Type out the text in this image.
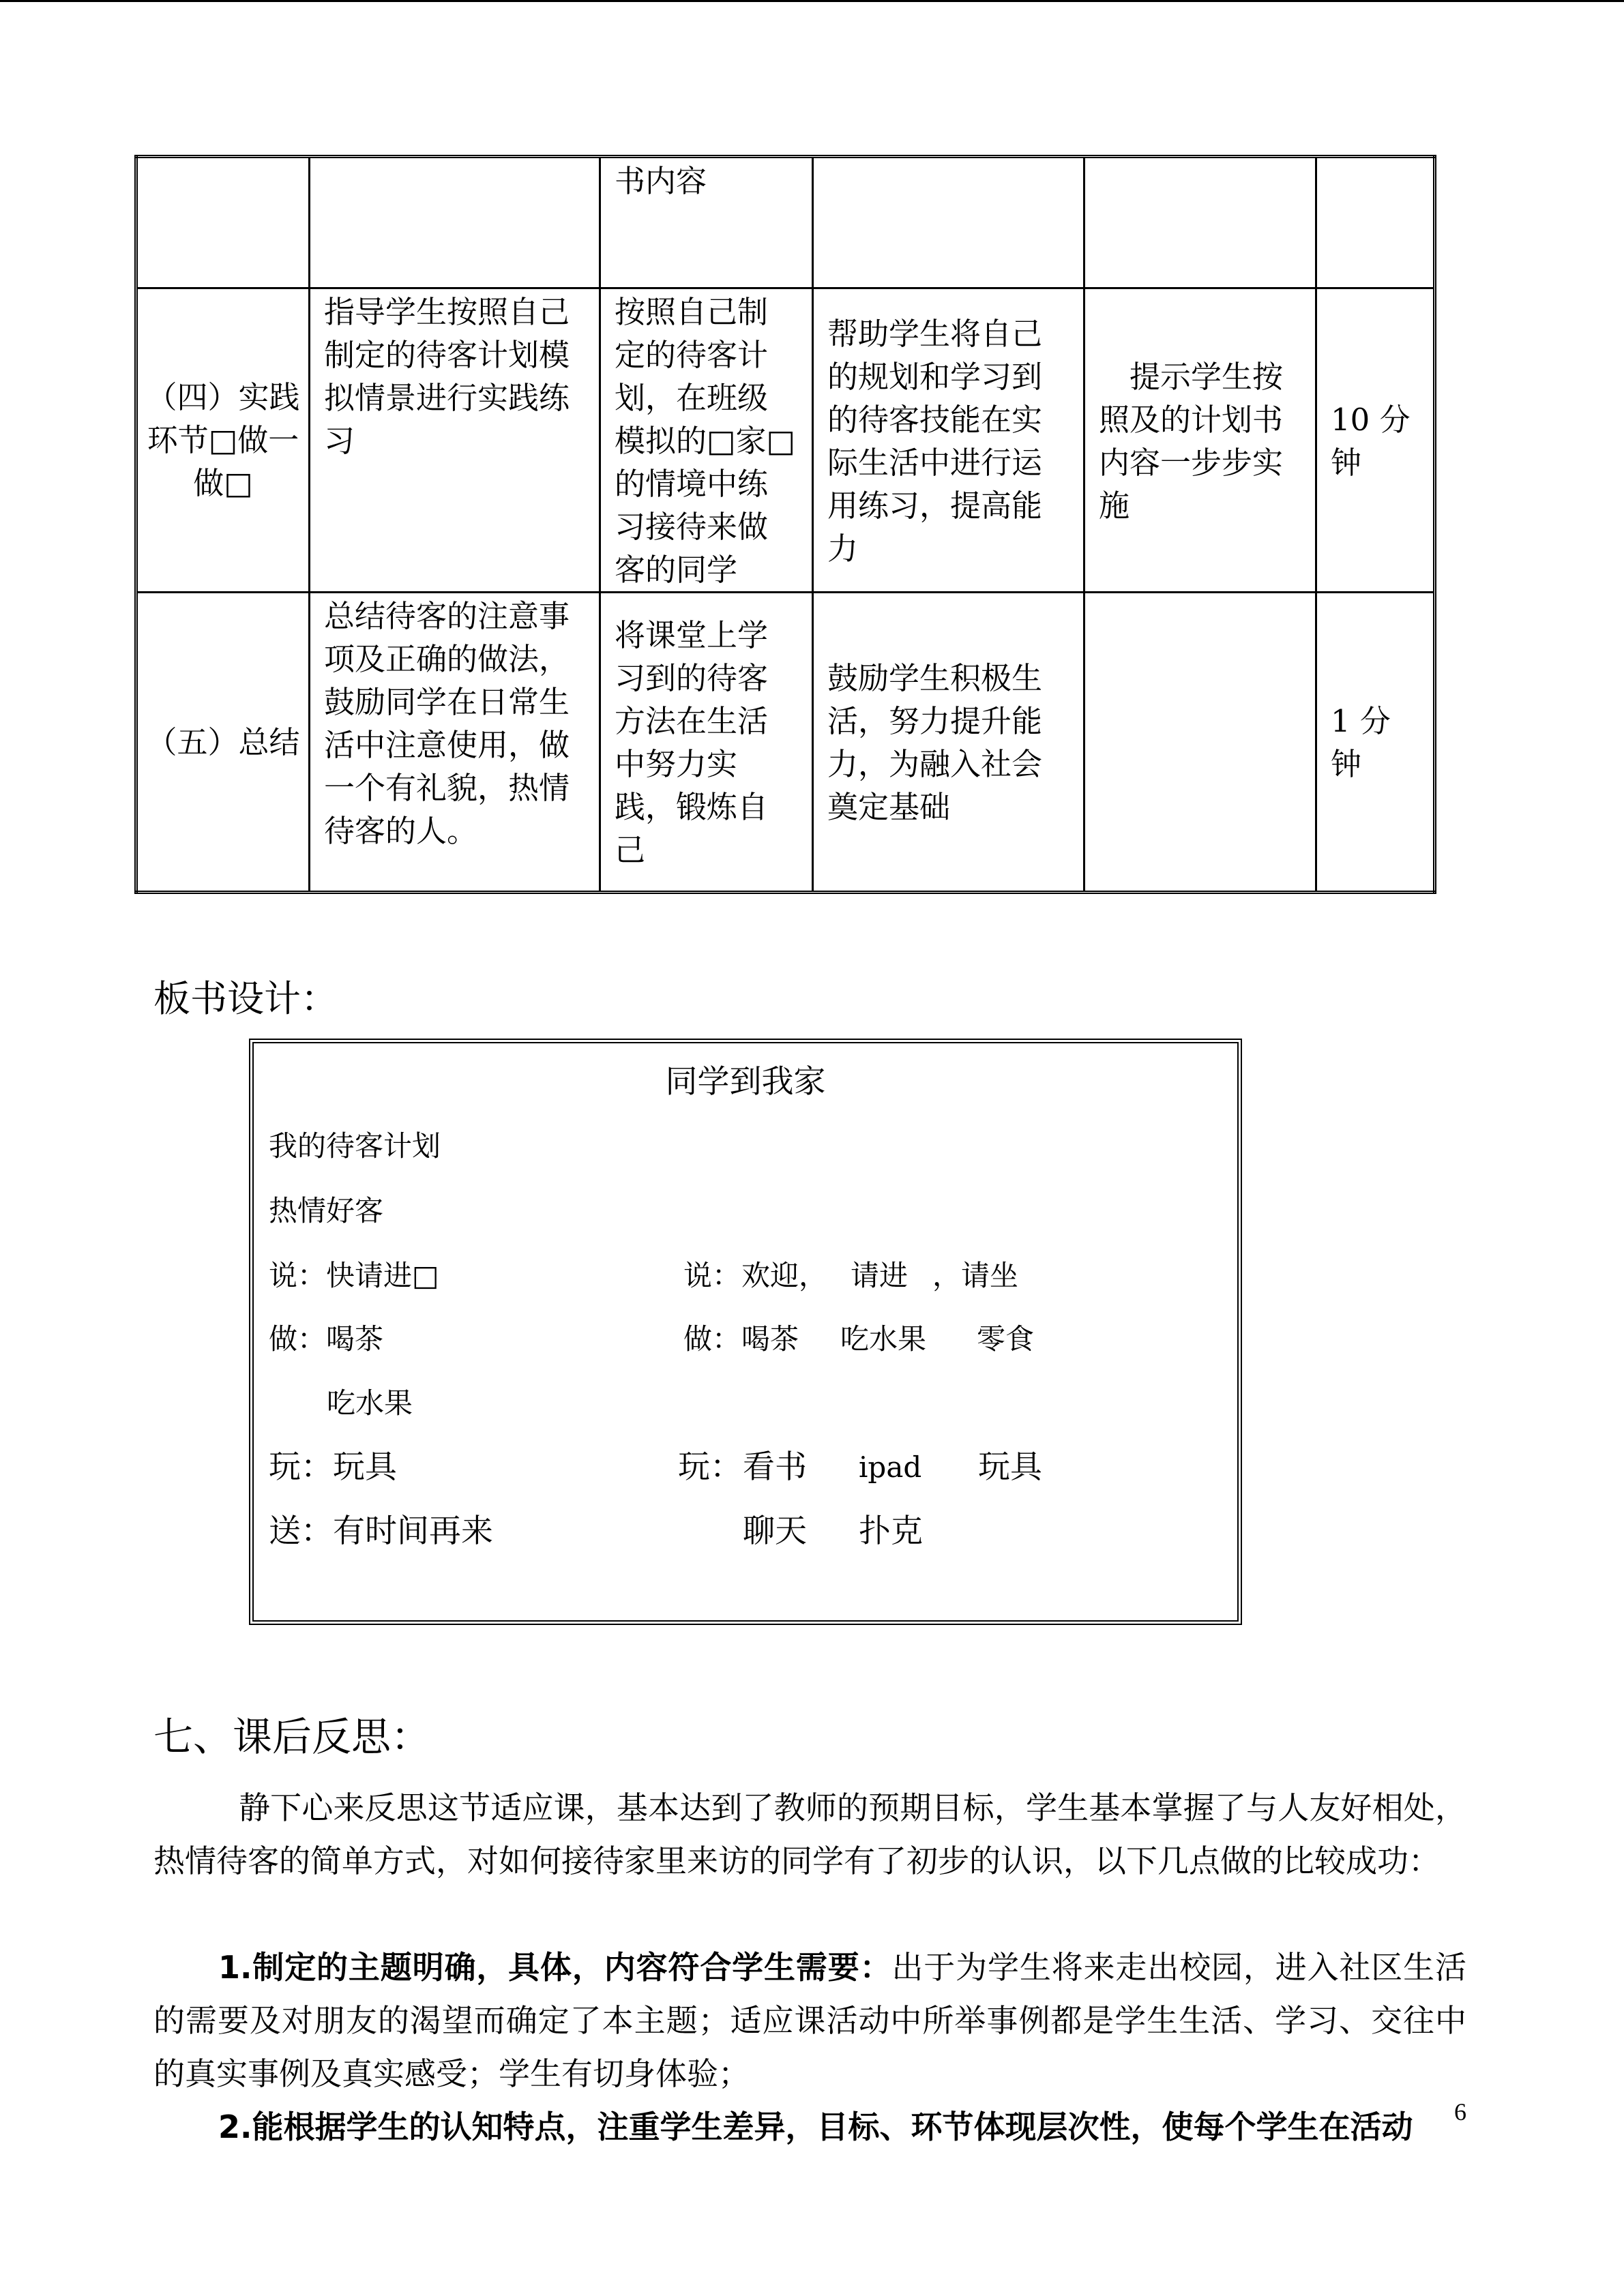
		书内容			
（四）实践环节□做一做□	指导学生按照自己制定的待客计划模拟情景进行实践练习	按照自己制定的待客计划，在班级模拟的□家□的情境中练习接待来做客的同学	帮助学生将自己的规划和学习到的待客技能在实际生活中进行运用练习，提高能力	提示学生按照及的计划书内容一步步实施	10 分钟
（五）总结	总结待客的注意事项及正确的做法，鼓励同学在日常生活中注意使用，做一个有礼貌，热情待客的人。	将课堂上学习到的待客方法在生活中努力实践，锻炼自己	鼓励学生积极生活，努力提升能力，为融入社会奠定基础		1 分钟
板书设计：
同学到我家
我的待客计划
热情好客
说：快请进□	说： 欢迎， 请进 ，请坐
做：喝茶	做： 喝茶 吃水果 零食
吃水果
玩：玩具	玩： 看书 ipad 玩具
送：有时间再来	聊天 扑克
七、课后反思：
静下心来反思这节适应课，基本达到了教师的预期目标，学生基本掌握了与人友好相处，热情待客的简单方式，对如何接待家里来访的同学有了初步的认识，以下几点做的比较成功：
1.制定的主题明确，具体，内容符合学生需要：出于为学生将来走出校园，进入社区生活的需要及对朋友的渴望而确定了本主题；适应课活动中所举事例都是学生生活、学习、交往中的真实事例及真实感受；学生有切身体验；
2.能根据学生的认知特点，注重学生差异，目标、环节体现层次性，使每个学生在活动	6
